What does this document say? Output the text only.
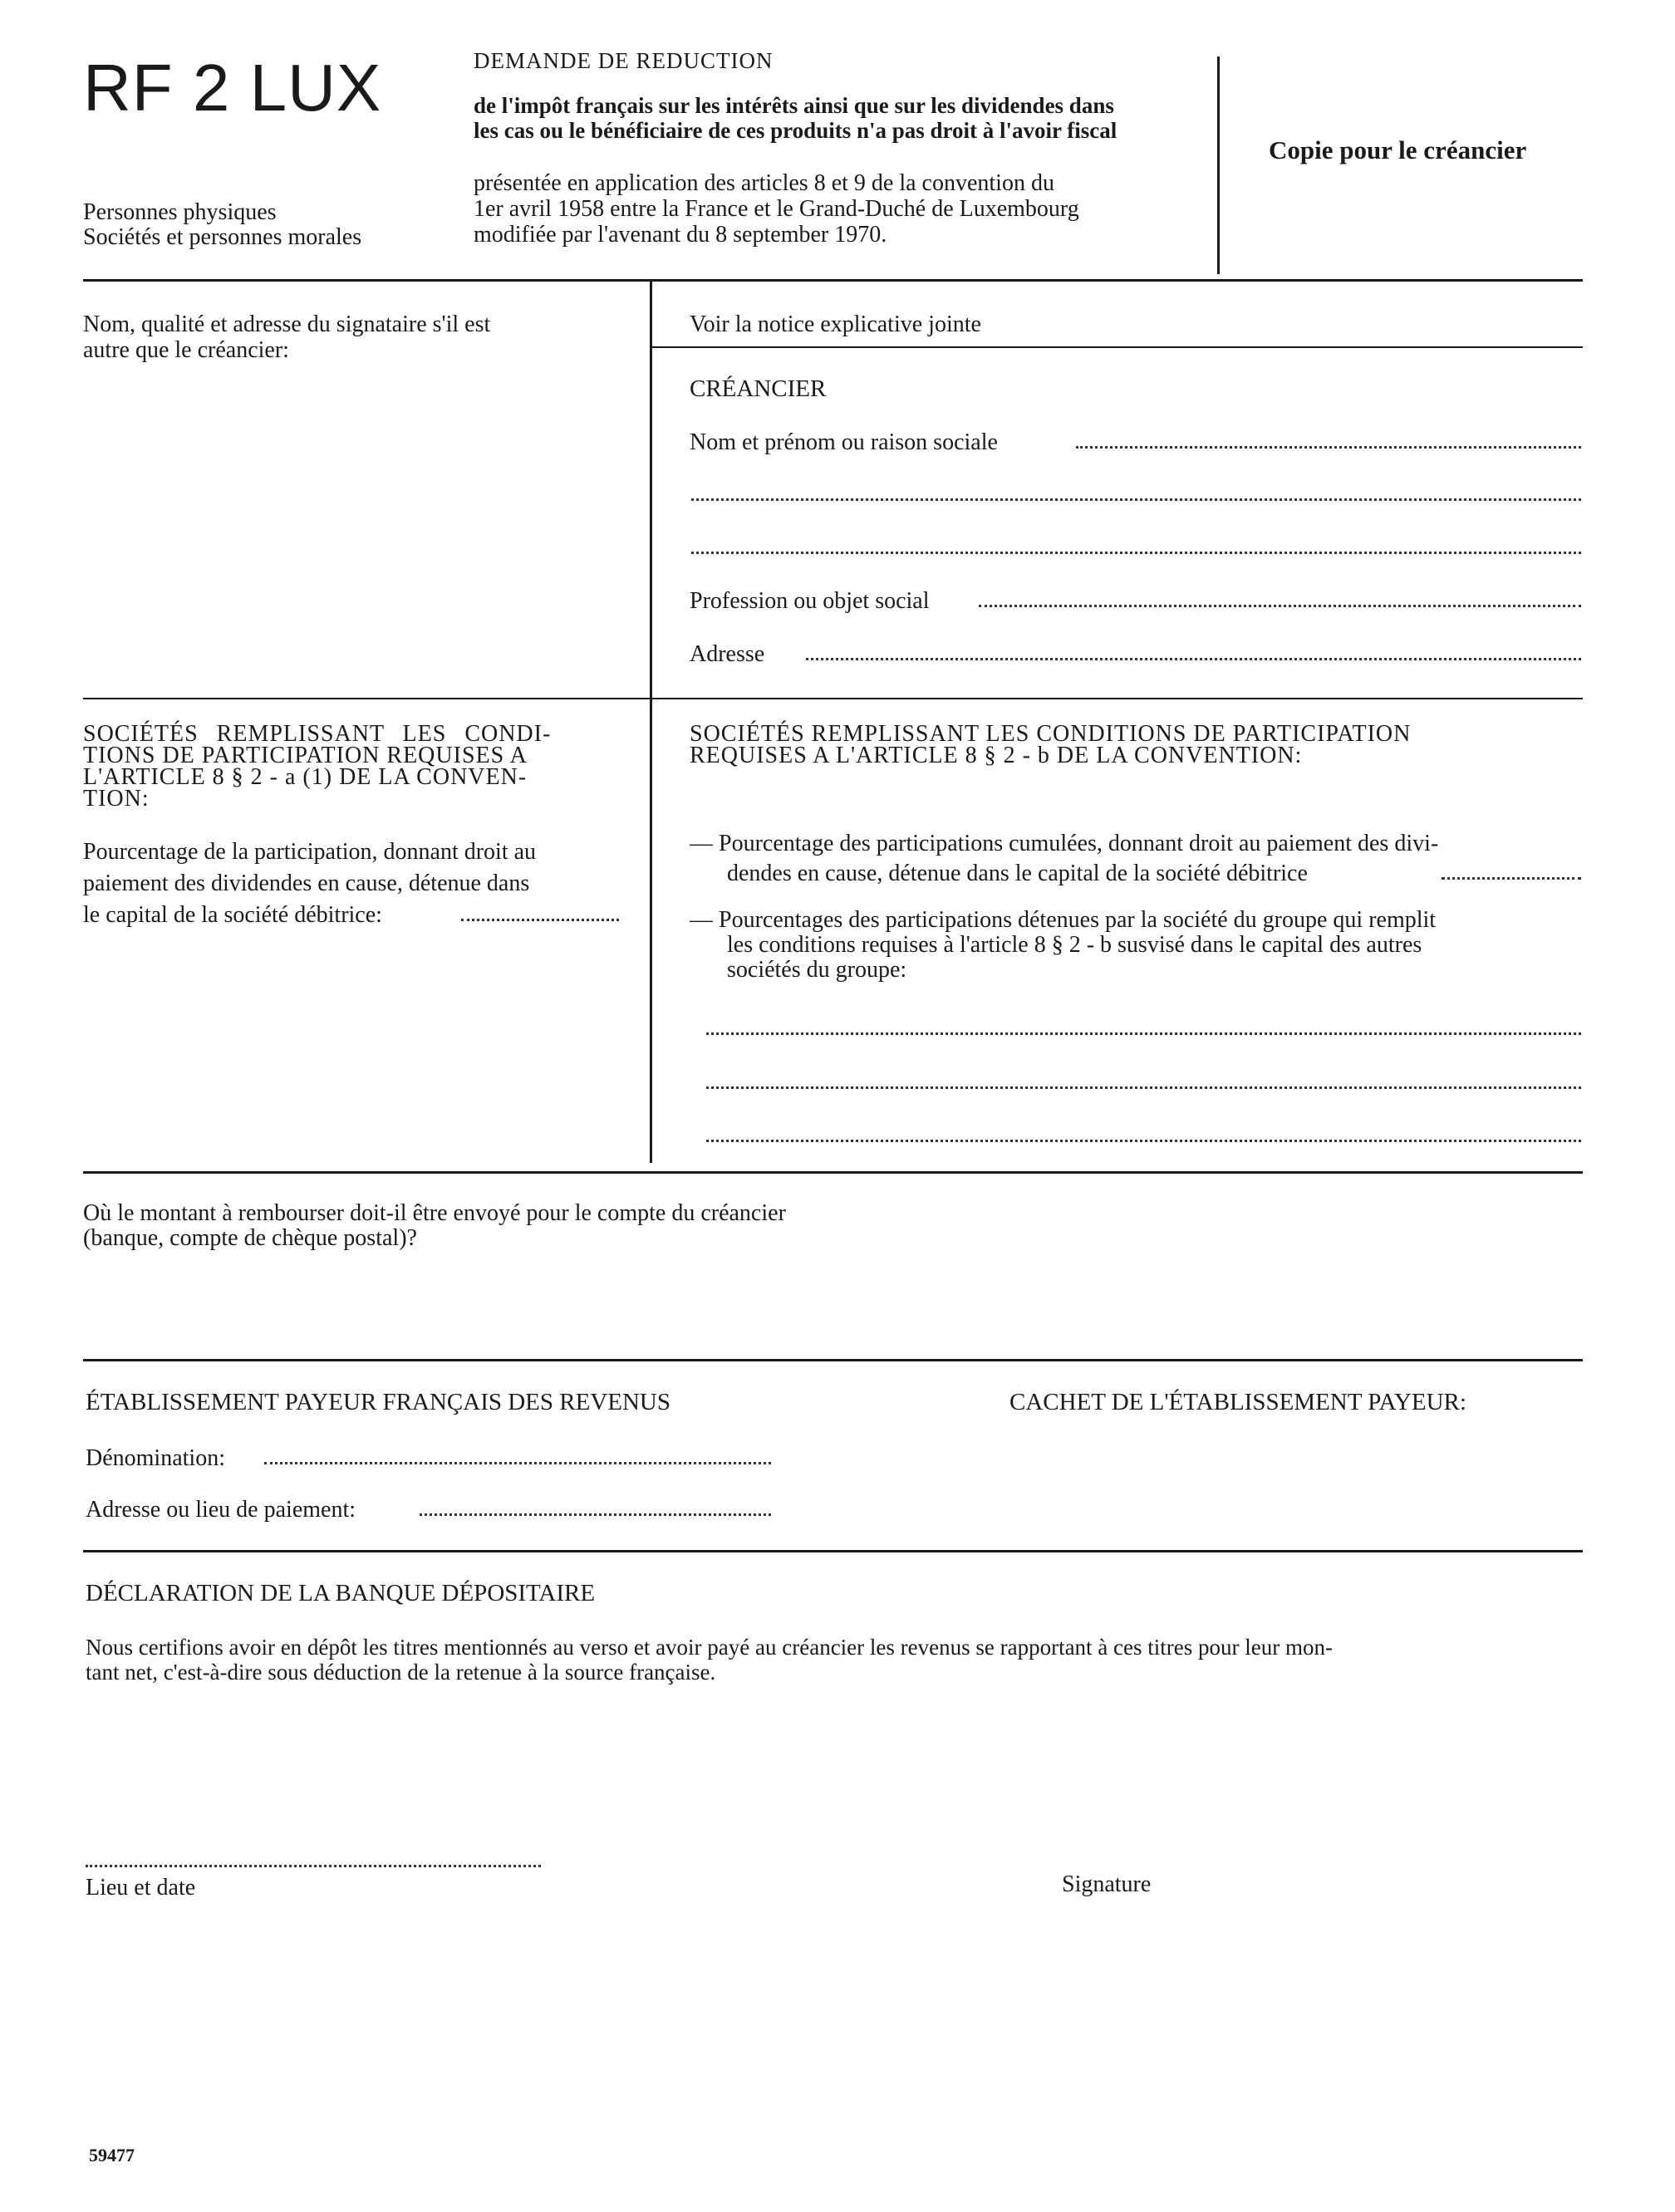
RF 2 LUX	DEMANDE DE REDUCTION
de l'impôt français sur les intérêts ainsi que sur les dividendes dans
les cas ou le bénéficiaire de ces produits n'a pas droit à l'avoir fiscal
présentée en application des articles 8 et 9 de la convention du
1er avril 1958 entre la France et le Grand-Duché de Luxembourg
modifiée par l'avenant du 8 september 1970.
Personnes physiques
Sociétés et personnes morales
Copie pour le créancier
Nom, qualité et adresse du signataire s'il est
autre que le créancier:
Voir la notice explicative jointe
CRÉANCIER
Nom et prénom ou raison sociale
Profession ou objet social
Adresse
SOCIÉTÉS REMPLISSANT LES CONDI-
TIONS DE PARTICIPATION REQUISES A
L'ARTICLE 8 § 2 - a (1) DE LA CONVEN-
TION:
Pourcentage de la participation, donnant droit au
paiement des dividendes en cause, détenue dans
le capital de la société débitrice:
SOCIÉTÉS REMPLISSANT LES CONDITIONS DE PARTICIPATION
REQUISES A L'ARTICLE 8 § 2 - b DE LA CONVENTION:
— Pourcentage des participations cumulées, donnant droit au paiement des divi-
dendes en cause, détenue dans le capital de la société débitrice
— Pourcentages des participations détenues par la société du groupe qui remplit
les conditions requises à l'article 8 § 2 - b susvisé dans le capital des autres
sociétés du groupe:
Où le montant à rembourser doit-il être envoyé pour le compte du créancier
(banque, compte de chèque postal)?
ÉTABLISSEMENT PAYEUR FRANÇAIS DES REVENUS	CACHET DE L'ÉTABLISSEMENT PAYEUR:
Dénomination:
Adresse ou lieu de paiement:
DÉCLARATION DE LA BANQUE DÉPOSITAIRE
Nous certifions avoir en dépôt les titres mentionnés au verso et avoir payé au créancier les revenus se rapportant à ces titres pour leur mon-
tant net, c'est-à-dire sous déduction de la retenue à la source française.
Lieu et date	Signature
59477
